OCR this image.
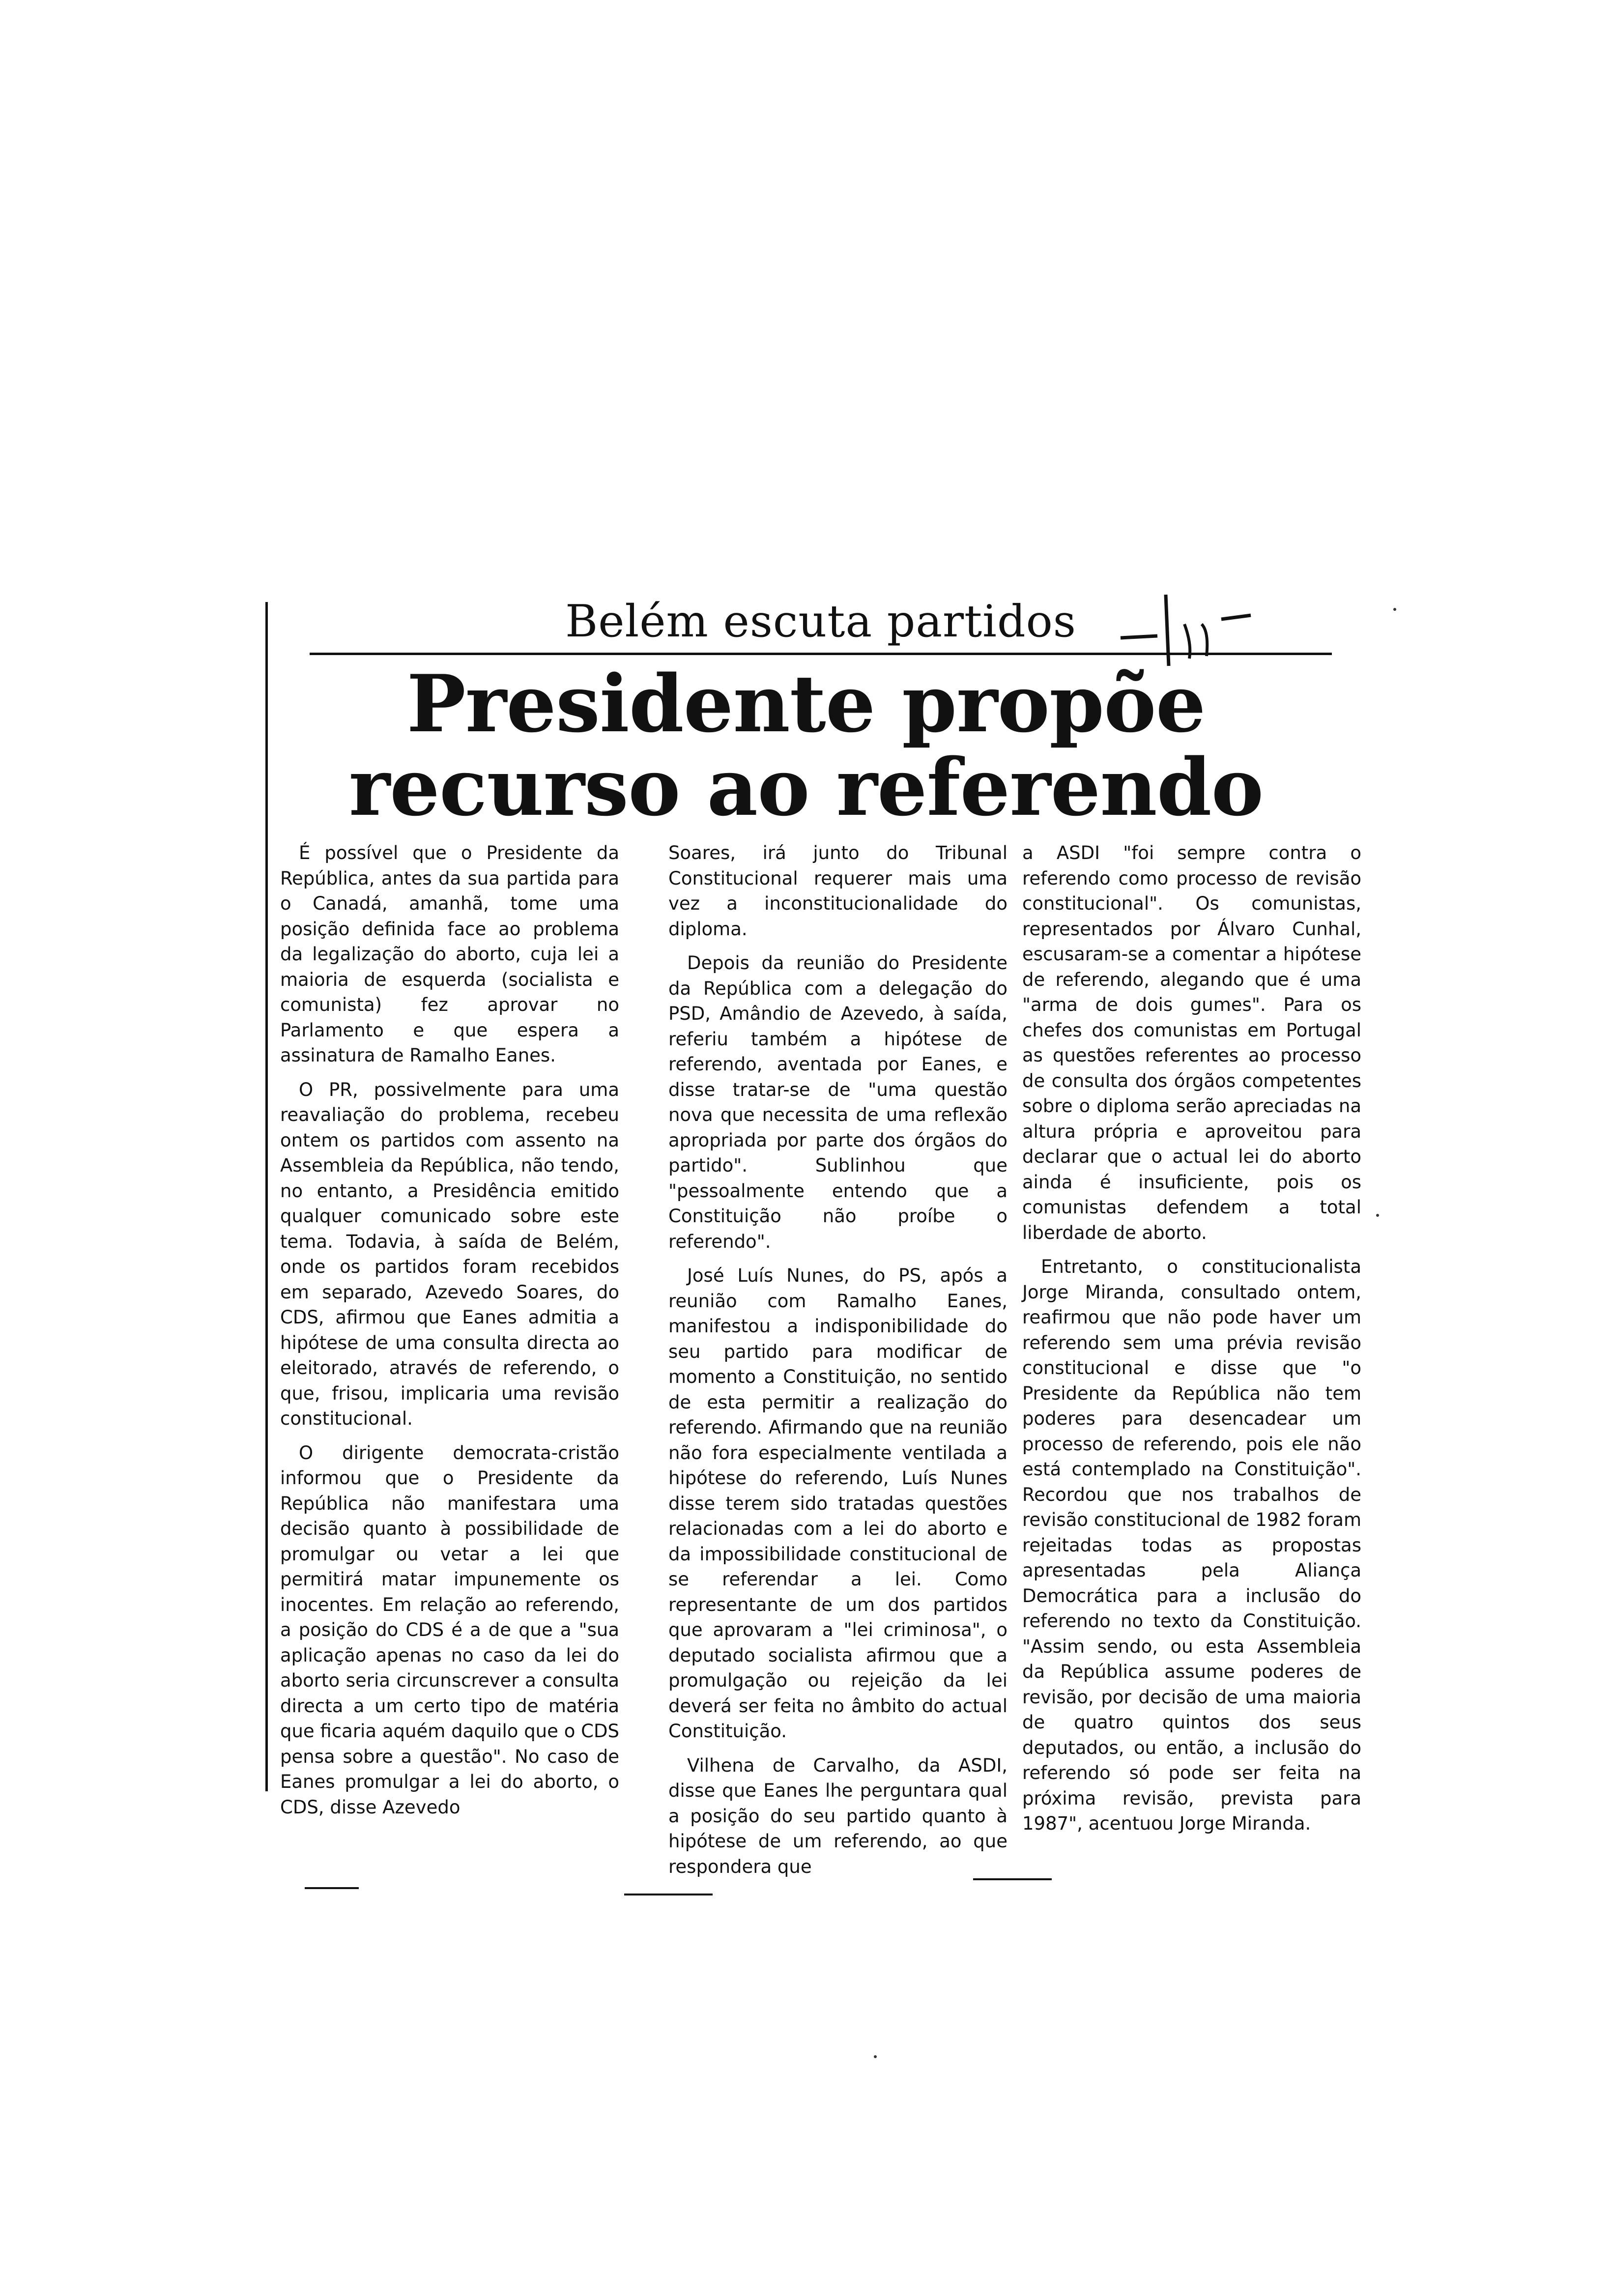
Belém escuta partidos
Presidente propõe
recurso ao referendo

É possível que o Presidente da República, antes da sua partida para o Canadá, amanhã, tome uma posição definida face ao problema da legalização do aborto, cuja lei a maioria de esquerda (socialista e comunista) fez aprovar no Parlamento e que espera a assinatura de Ramalho Eanes.

O PR, possivelmente para uma reavaliação do problema, recebeu ontem os partidos com assento na Assembleia da República, não tendo, no entanto, a Presidência emitido qualquer comunicado sobre este tema. Todavia, à saída de Belém, onde os partidos foram recebidos em separado, Azevedo Soares, do CDS, afirmou que Eanes admitia a hipótese de uma consulta directa ao eleitorado, através de referendo, o que, frisou, implicaria uma revisão constitucional.

O dirigente democrata-cristão informou que o Presidente da República não manifestara uma decisão quanto à possibilidade de promulgar ou vetar a lei que permitirá matar impunemente os inocentes. Em relação ao referendo, a posição do CDS é a de que a "sua aplicação apenas no caso da lei do aborto seria circunscrever a consulta directa a um certo tipo de matéria que ficaria aquém daquilo que o CDS pensa sobre a questão". No caso de Eanes promulgar a lei do aborto, o CDS, disse Azevedo

Soares, irá junto do Tribunal Constitucional requerer mais uma vez a inconstitucionalidade do diploma.

Depois da reunião do Presidente da República com a delegação do PSD, Amândio de Azevedo, à saída, referiu também a hipótese de referendo, aventada por Eanes, e disse tratar-se de "uma questão nova que necessita de uma reflexão apropriada por parte dos órgãos do partido". Sublinhou que "pessoalmente entendo que a Constituição não proíbe o referendo".

José Luís Nunes, do PS, após a reunião com Ramalho Eanes, manifestou a indisponibilidade do seu partido para modificar de momento a Constituição, no sentido de esta permitir a realização do referendo. Afirmando que na reunião não fora especialmente ventilada a hipótese do referendo, Luís Nunes disse terem sido tratadas questões relacionadas com a lei do aborto e da impossibilidade constitucional de se referendar a lei. Como representante de um dos partidos que aprovaram a "lei criminosa", o deputado socialista afirmou que a promulgação ou rejeição da lei deverá ser feita no âmbito do actual Constituição.

Vilhena de Carvalho, da ASDI, disse que Eanes lhe perguntara qual a posição do seu partido quanto à hipótese de um referendo, ao que respondera que

a ASDI "foi sempre contra o referendo como processo de revisão constitucional". Os comunistas, representados por Álvaro Cunhal, escusaram-se a comentar a hipótese de referendo, alegando que é uma "arma de dois gumes". Para os chefes dos comunistas em Portugal as questões referentes ao processo de consulta dos órgãos competentes sobre o diploma serão apreciadas na altura própria e aproveitou para declarar que o actual lei do aborto ainda é insuficiente, pois os comunistas defendem a total liberdade de aborto.

Entretanto, o constitucionalista Jorge Miranda, consultado ontem, reafirmou que não pode haver um referendo sem uma prévia revisão constitucional e disse que "o Presidente da República não tem poderes para desencadear um processo de referendo, pois ele não está contemplado na Constituição". Recordou que nos trabalhos de revisão constitucional de 1982 foram rejeitadas todas as propostas apresentadas pela Aliança Democrática para a inclusão do referendo no texto da Constituição. "Assim sendo, ou esta Assembleia da República assume poderes de revisão, por decisão de uma maioria de quatro quintos dos seus deputados, ou então, a inclusão do referendo só pode ser feita na próxima revisão, prevista para 1987", acentuou Jorge Miranda.
